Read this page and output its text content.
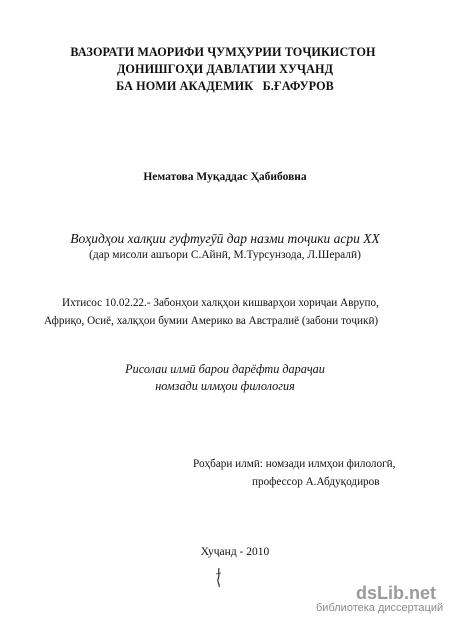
ВАЗОРАТИ МАОРИФИ ҶУМҲУРИИ ТОҶИКИСТОН
ДОНИШГОҲИ ДАВЛАТИИ ХУҶАНД
БА НОМИ АКАДЕМИК   Б.ҒАФУРОВ
Нематова Муқаддас Ҳабибовна
Воҳидҳои халқии гуфтугӯӣ дар назми тоҷики асри XX
(дар мисоли ашъори С.Айнӣ, М.Турсунзода, Л.Шералӣ)
Ихтисос 10.02.22.- Забонҳои халқҳои кишварҳои хориҷаи Аврупо,
Африқо, Осиё, халқҳои бумии Америко ва Австралиё (забони тоҷикӣ)
Рисолаи илмӣ барои дарёфти дараҷаи
номзади илмҳои филология
Роҳбари илмӣ: номзади илмҳои филологӣ,
профессор А.Абдуқодиров
Хуҷанд - 2010
dsLib.net
библиотека диссертаций
